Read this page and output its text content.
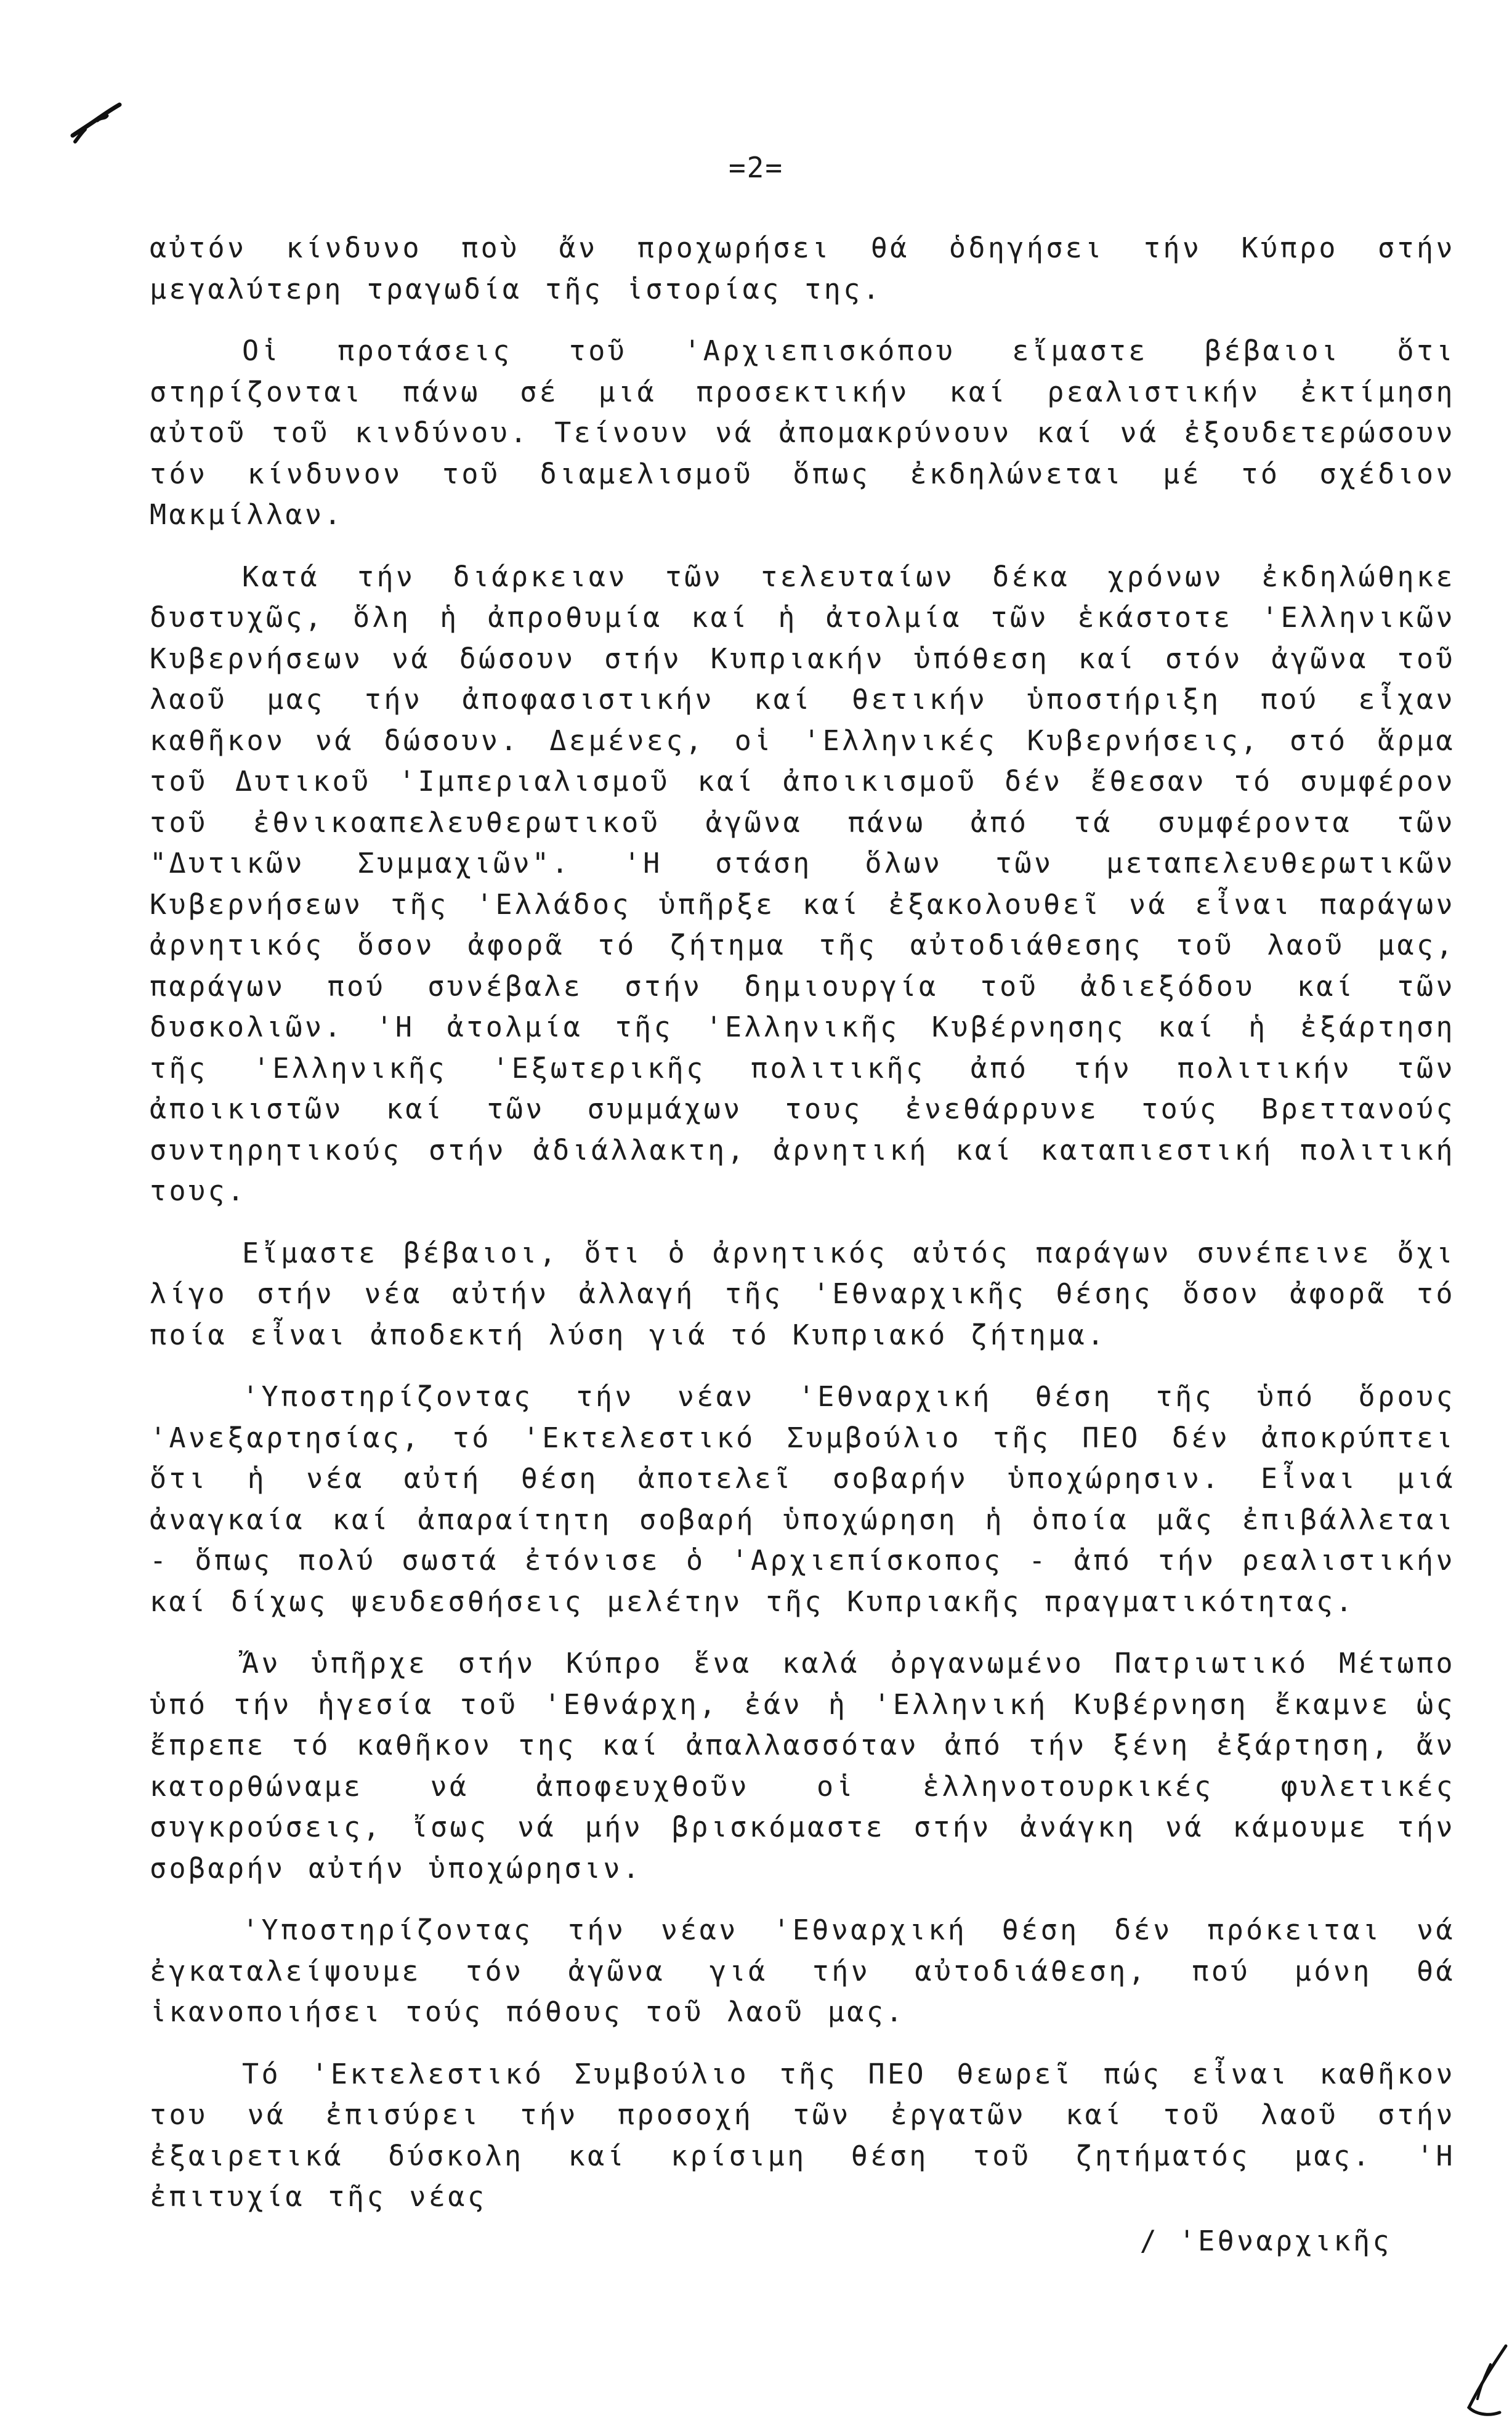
=2=

αὐτόν κίνδυνο ποὺ ἄν προχωρήσει θά ὁδηγήσει τήν Κύπρο στήν μεγαλύτερη τραγωδία τῆς ἱστορίας της.

Οἱ προτάσεις τοῦ 'Αρχιεπισκόπου εἴμαστε βέβαιοι ὅτι στηρίζονται πάνω σέ μιά προσεκτικήν καί ρεαλιστικήν ἐκτίμηση αὐτοῦ τοῦ κινδύνου. Τείνουν νά ἀπομακρύνουν καί νά ἐξουδετερώσουν τόν κίνδυνον τοῦ διαμελισμοῦ ὅπως ἐκδηλώνεται μέ τό σχέδιον Μακμίλλαν.

Κατά τήν διάρκειαν τῶν τελευταίων δέκα χρόνων ἐκδηλώθηκε δυστυχῶς, ὅλη ἡ ἀπροθυμία καί ἡ ἀτολμία τῶν ἑκάστοτε 'Ελληνικῶν Κυβερνήσεων νά δώσουν στήν Κυπριακήν ὑπόθεση καί στόν ἀγῶνα τοῦ λαοῦ μας τήν ἀποφασιστικήν καί θετικήν ὑποστήριξη πού εἶχαν καθῆκον νά δώσουν. Δεμένες, οἱ 'Ελληνικές Κυβερνήσεις, στό ἅρμα τοῦ Δυτικοῦ 'Ιμπεριαλισμοῦ καί ἀποικισμοῦ δέν ἔθεσαν τό συμφέρον τοῦ ἐθνικοαπελευθερωτικοῦ ἀγῶνα πάνω ἀπό τά συμφέροντα τῶν "Δυτικῶν Συμμαχιῶν". 'Η στάση ὅλων τῶν μεταπελευθερωτικῶν Κυβερνήσεων τῆς 'Ελλάδος ὑπῆρξε καί ἐξακολουθεῖ νά εἶναι παράγων ἀρνητικός ὅσον ἀφορᾶ τό ζήτημα τῆς αὐτοδιάθεσης τοῦ λαοῦ μας, παράγων πού συνέβαλε στήν δημιουργία τοῦ ἀδιεξόδου καί τῶν δυσκολιῶν. 'Η ἀτολμία τῆς 'Ελληνικῆς Κυβέρνησης καί ἡ ἐξάρτηση τῆς 'Ελληνικῆς 'Εξωτερικῆς πολιτικῆς ἀπό τήν πολιτικήν τῶν ἀποικιστῶν καί τῶν συμμάχων τους ἐνεθάρρυνε τούς Βρεττανούς συντηρητικούς στήν ἀδιάλλακτη, ἀρνητική καί καταπιεστική πολιτική τους.

Εἴμαστε βέβαιοι, ὅτι ὁ ἀρνητικός αὐτός παράγων συνέπεινε ὄχι λίγο στήν νέα αὐτήν ἀλλαγή τῆς 'Εθναρχικῆς θέσης ὅσον ἀφορᾶ τό ποία εἶναι ἀποδεκτή λύση γιά τό Κυπριακό ζήτημα.

'Υποστηρίζοντας τήν νέαν 'Εθναρχική θέση τῆς ὑπό ὅρους 'Ανεξαρτησίας, τό 'Εκτελεστικό Συμβούλιο τῆς ΠΕΟ δέν ἀποκρύπτει ὅτι ἡ νέα αὐτή θέση ἀποτελεῖ σοβαρήν ὑποχώρησιν. Εἶναι μιά ἀναγκαία καί ἀπαραίτητη σοβαρή ὑποχώρηση ἡ ὁποία μᾶς ἐπιβάλλεται - ὅπως πολύ σωστά ἐτόνισε ὁ 'Αρχιεπίσκοπος - ἀπό τήν ρεαλιστικήν καί δίχως ψευδεσθήσεις μελέτην τῆς Κυπριακῆς πραγματικότητας.

Ἄν ὑπῆρχε στήν Κύπρο ἕνα καλά ὀργανωμένο Πατριωτικό Μέτωπο ὑπό τήν ἡγεσία τοῦ 'Εθνάρχη, ἐάν ἡ 'Ελληνική Κυβέρνηση ἔκαμνε ὡς ἔπρεπε τό καθῆκον της καί ἀπαλλασσόταν ἀπό τήν ξένη ἐξάρτηση, ἄν κατορθώναμε νά ἀποφευχθοῦν οἱ ἑλληνοτουρκικές φυλετικές συγκρούσεις, ἴσως νά μήν βρισκόμαστε στήν ἀνάγκη νά κάμουμε τήν σοβαρήν αὐτήν ὑποχώρησιν.

'Υποστηρίζοντας τήν νέαν 'Εθναρχική θέση δέν πρόκειται νά ἐγκαταλείψουμε τόν ἀγῶνα γιά τήν αὐτοδιάθεση, πού μόνη θά ἱκανοποιήσει τούς πόθους τοῦ λαοῦ μας.

Τό 'Εκτελεστικό Συμβούλιο τῆς ΠΕΟ θεωρεῖ πώς εἶναι καθῆκον του νά ἐπισύρει τήν προσοχή τῶν ἐργατῶν καί τοῦ λαοῦ στήν ἐξαιρετικά δύσκολη καί κρίσιμη θέση τοῦ ζητήματός μας. 'Η ἐπιτυχία τῆς νέας

/ 'Εθναρχικῆς
